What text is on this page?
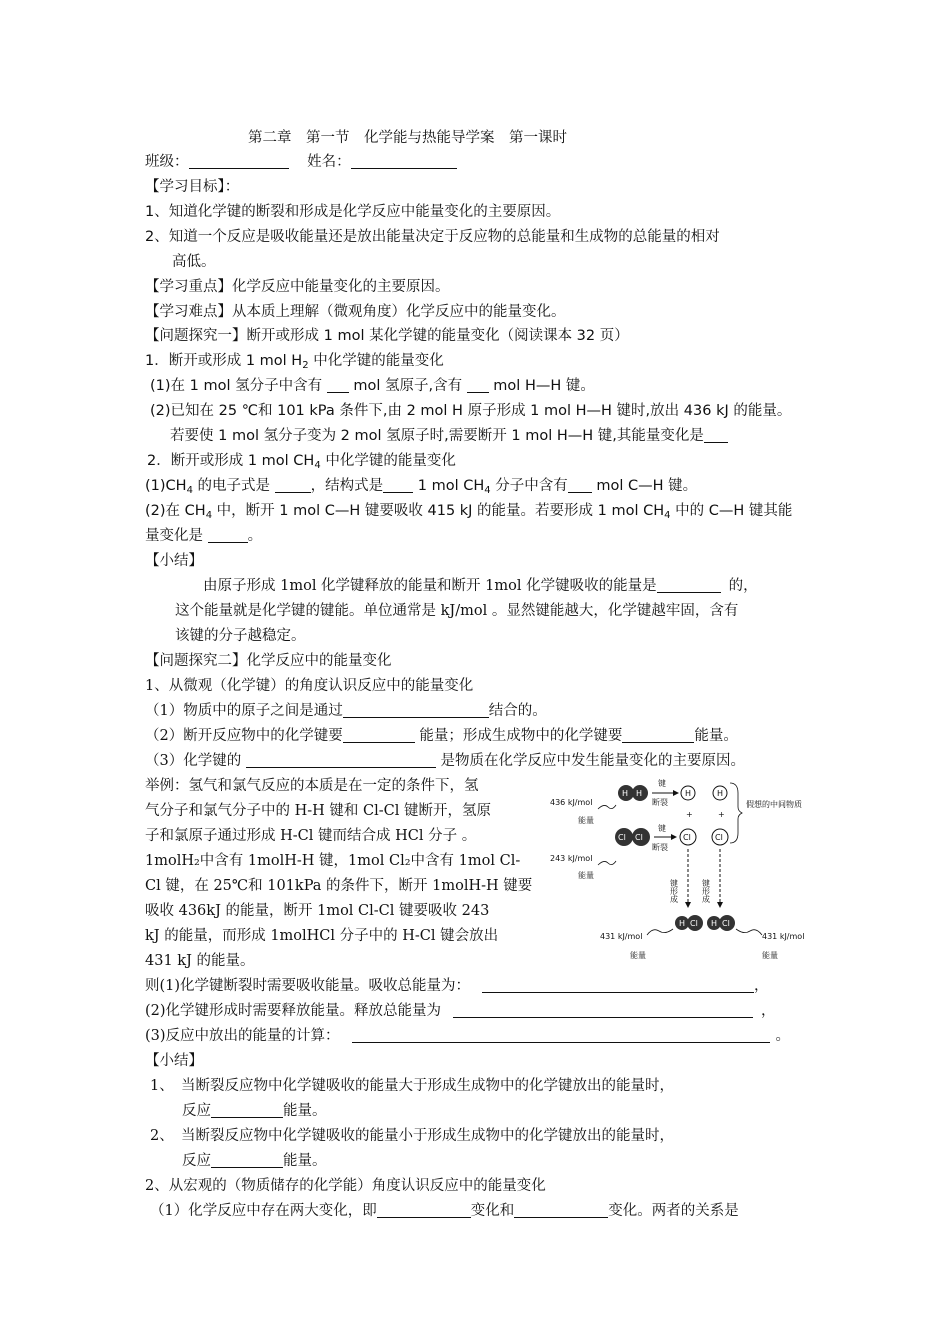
第二章　第一节　化学能与热能导学案　第一课时
班级：	姓名：
【学习目标】：
1、知道化学键的断裂和形成是化学反应中能量变化的主要原因。
2、知道一个反应是吸收能量还是放出能量决定于反应物的总能量和生成物的总能量的相对
高低。
【学习重点】化学反应中能量变化的主要原因。
【学习难点】从本质上理解（微观角度）化学反应中的能量变化。
【问题探究一】断开或形成 1 mol 某化学键的能量变化（阅读课本 32 页）
1．断开或形成 1 mol $H_2$ 中化学键的能量变化
(1)在 1 mol 氢分子中含有  mol 氢原子,含有  mol H—H 键。
(2)已知在 25 ℃和 101 kPa 条件下,由 2 mol H 原子形成 1 mol H—H 键时,放出 436 kJ 的能量。
若要使 1 mol 氢分子变为 2 mol 氢原子时,需要断开 1 mol H—H 键,其能量变化是
2．断开或形成 1 mol $CH_4$ 中化学键的能量变化
$(1)CH_4$ 的电子式是 ，结构式是 1 mol $CH_4$ 分子中含有 mol C—H 键。
(2)在 $CH_4$ 中，断开 1 mol C—H 键要吸收 415 kJ 的能量。若要形成 1 mol $CH_4$ 中的 C—H 键其能
量变化是	。
【小结】
由原子形成 1mol 化学键释放的能量和断开 1mol 化学键吸收的能量是	的，
这个能量就是化学键的键能。单位通常是 kJ/mol 。显然键能越大，化学键越牢固，含有
该键的分子越稳定。
【问题探究二】化学反应中的能量变化
1、从微观（化学键）的角度认识反应中的能量变化
（1）物质中的原子之间是通过	结合的。
（2）断开反应物中的化学键要	能量；形成生成物中的化学键要	能量。
（3）化学键的	是物质在化学反应中发生能量变化的主要原因。
举例：氢气和氯气反应的本质是在一定的条件下，氢
气分子和氯气分子中的 H-H 键和 Cl-Cl 键断开，氢原
子和氯原子通过形成 H-Cl 键而结合成 HCl 分子 。
1molH₂中含有 1molH-H 键，1mol Cl₂中含有 1mol Cl-
Cl 键，在 25℃和 101kPa 的条件下，断开 1molH-H 键要
吸收 436kJ 的能量，断开 1mol Cl-Cl 键要吸收 243
kJ 的能量，而形成 1molHCl 分子中的 H-Cl 键会放出
431 kJ 的能量。
436 kJ/mol
243 kJ/mol
能量
能量
H H
Cl Cl
键
断裂
键
断裂
H	H
+	+
Cl	Cl
假想的中间物质
键形成	键形成
H Cl H Cl
431 kJ/mol	431 kJ/mol
能量	能量
则(1)化学键断裂时需要吸收能量。吸收总能量为：	，
(2)化学键形成时需要释放能量。释放总能量为	，
(3)反应中放出的能量的计算：	。
【小结】
1、　当断裂反应物中化学键吸收的能量大于形成生成物中的化学键放出的能量时，
反应	能量。
2、　当断裂反应物中化学键吸收的能量小于形成生成物中的化学键放出的能量时，
反应	能量。
2、从宏观的（物质储存的化学能）角度认识反应中的能量变化
（1）化学反应中存在两大变化，即	变化和	变化。两者的关系是
